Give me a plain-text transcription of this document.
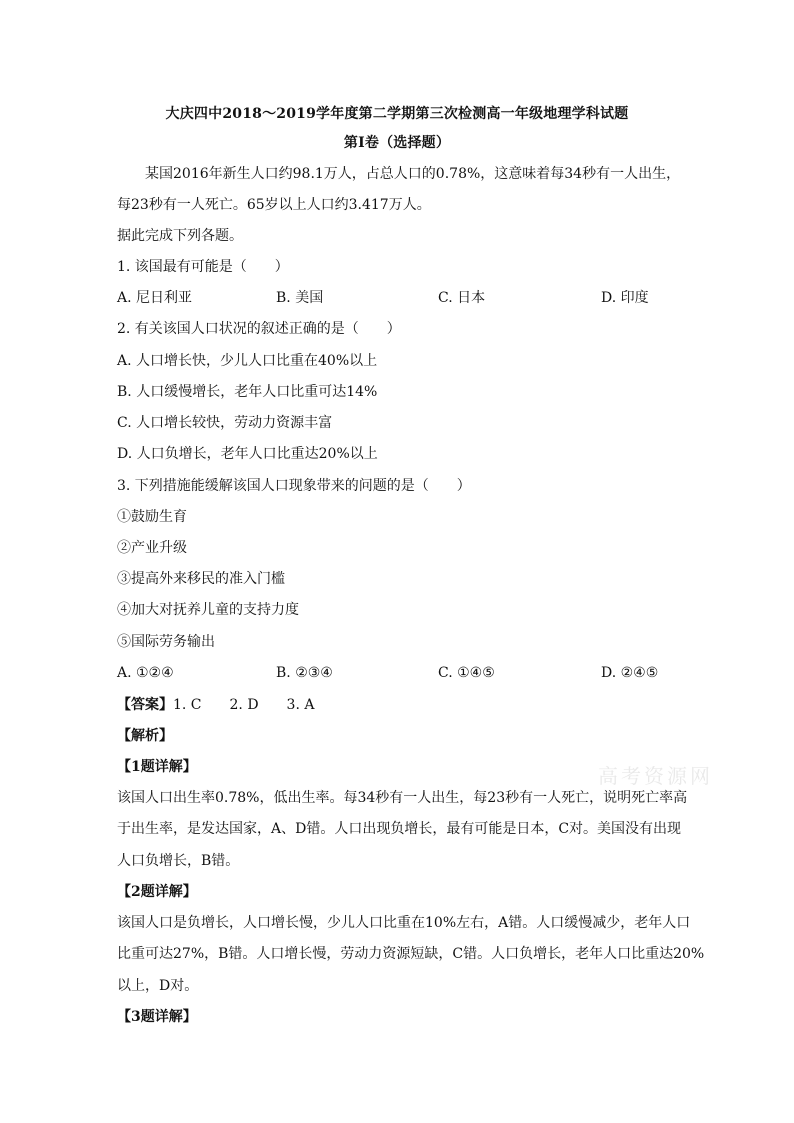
大庆四中2018～2019学年度第二学期第三次检测高一年级地理学科试题
第Ⅰ卷（选择题）
某国2016年新生人口约98.1万人，占总人口的0.78%，这意味着每34秒有一人出生，
每23秒有一人死亡。65岁以上人口约3.417万人。
据此完成下列各题。
1. 该国最有可能是（　　）
A. 尼日利亚	B. 美国	C. 日本	D. 印度
2. 有关该国人口状况的叙述正确的是（　　）
A. 人口增长快，少儿人口比重在40%以上
B. 人口缓慢增长，老年人口比重可达14%
C. 人口增长较快，劳动力资源丰富
D. 人口负增长，老年人口比重达20%以上
3. 下列措施能缓解该国人口现象带来的问题的是（　　）
①鼓励生育
②产业升级
③提高外来移民的准入门槛
④加大对抚养儿童的支持力度
⑤国际劳务输出
A. ①②④	B. ②③④	C. ①④⑤	D. ②④⑤
【答案】1. C　　2. D　　3. A
【解析】
【1题详解】
该国人口出生率0.78%，低出生率。每34秒有一人出生，每23秒有一人死亡，说明死亡率高
于出生率，是发达国家，A、D错。人口出现负增长，最有可能是日本，C对。美国没有出现
人口负增长，B错。
【2题详解】
该国人口是负增长，人口增长慢，少儿人口比重在10%左右，A错。人口缓慢减少，老年人口
比重可达27%，B错。人口增长慢，劳动力资源短缺，C错。人口负增长，老年人口比重达20%
以上，D对。
【3题详解】
高考资源网
